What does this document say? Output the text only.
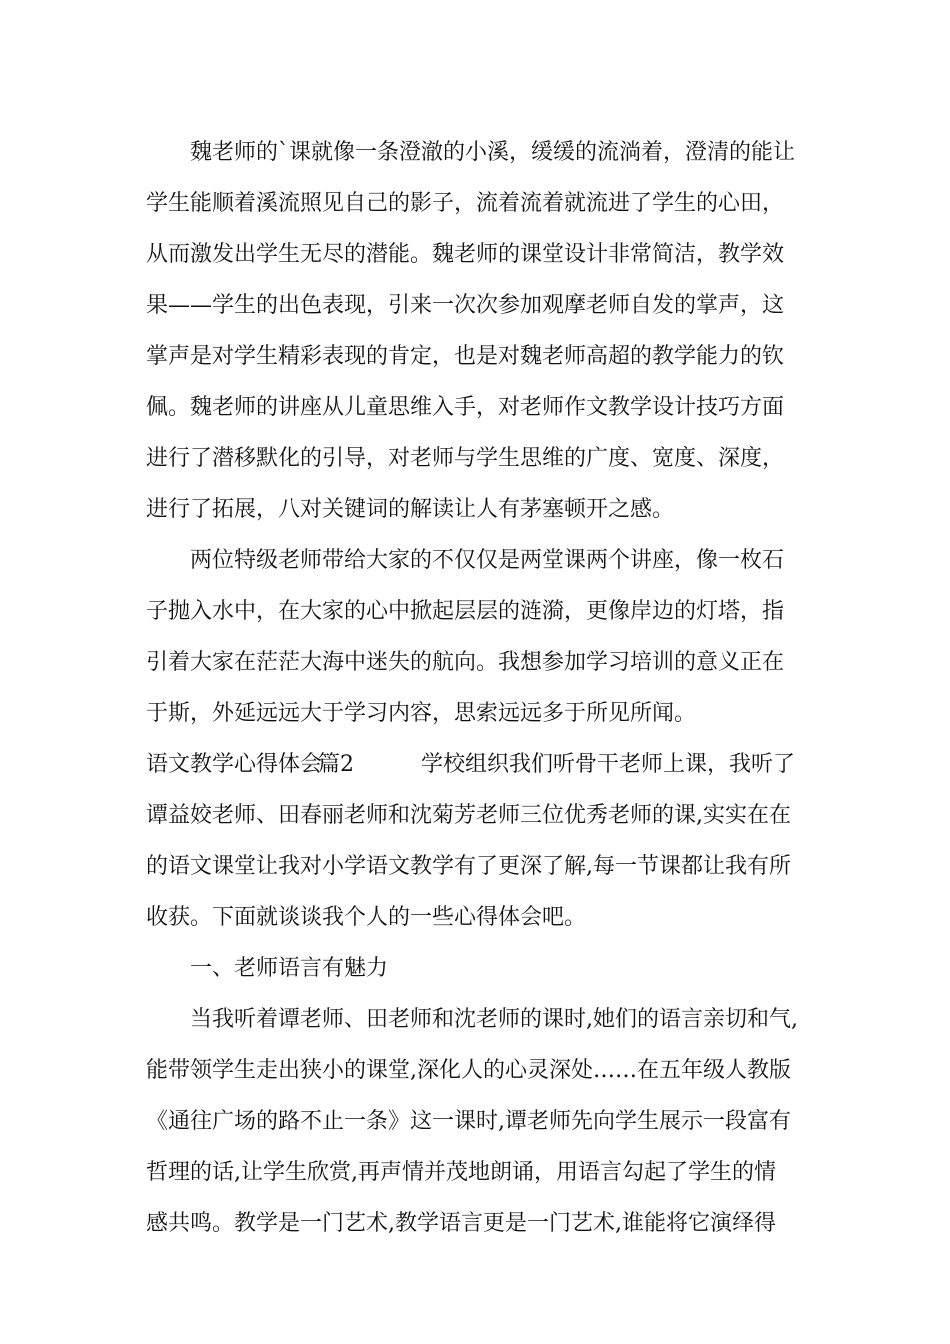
魏老师的`课就像一条澄澈的小溪，缓缓的流淌着，澄清的能让
学生能顺着溪流照见自己的影子，流着流着就流进了学生的心田，
从而激发出学生无尽的潜能。魏老师的课堂设计非常简洁，教学效
果——学生的出色表现，引来一次次参加观摩老师自发的掌声，这
掌声是对学生精彩表现的肯定，也是对魏老师高超的教学能力的钦
佩。魏老师的讲座从儿童思维入手，对老师作文教学设计技巧方面
进行了潜移默化的引导，对老师与学生思维的广度、宽度、深度，
进行了拓展，八对关键词的解读让人有茅塞顿开之感。
两位特级老师带给大家的不仅仅是两堂课两个讲座，像一枚石
子抛入水中，在大家的心中掀起层层的涟漪，更像岸边的灯塔，指
引着大家在茫茫大海中迷失的航向。我想参加学习培训的意义正在
于斯，外延远远大于学习内容，思索远远多于所见所闻。
语文教学心得体会
篇2	学校组织我们听骨干老师上课，我听了
谭益姣老师、田春丽老师和沈菊芳老师三位优秀老师的课,实实在在
的语文课堂让我对小学语文教学有了更深了解,每一节课都让我有所
收获。下面就谈谈我个人的一些心得体会吧。
一、老师语言有魅力
当我听着谭老师、田老师和沈老师的课时,她们的语言亲切和气,
能带领学生走出狭小的课堂,深化人的心灵深处……在五年级人教版
《通往广场的路不止一条》这一课时,谭老师先向学生展示一段富有
哲理的话,让学生欣赏,再声情并茂地朗诵，用语言勾起了学生的情
感共鸣。教学是一门艺术,教学语言更是一门艺术,谁能将它演绎得
